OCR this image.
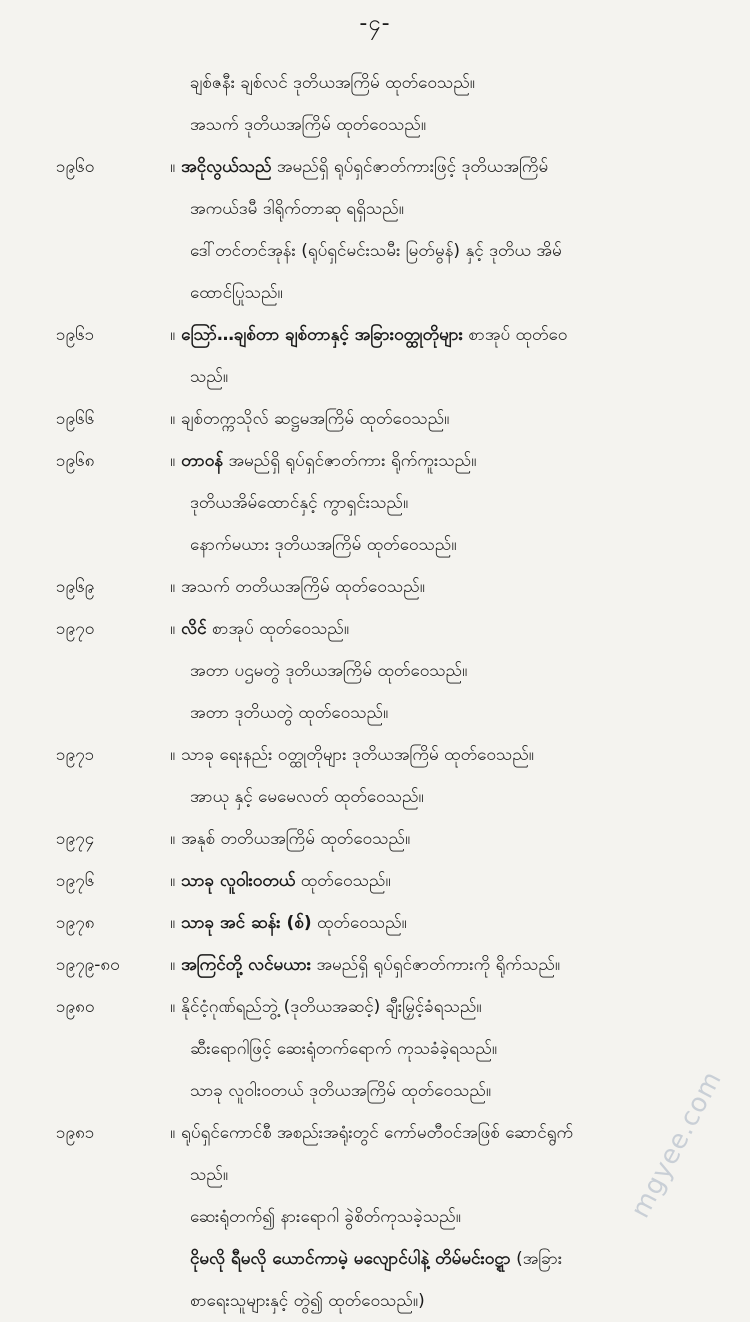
-၄-
ချစ်ဇနီး ချစ်လင် ဒုတိယအကြိမ် ထုတ်ဝေသည်။
အသက် ဒုတိယအကြိမ် ထုတ်ဝေသည်။
၁၉၆၀	။ အငိုလွယ်သည် အမည်ရှိ ရုပ်ရှင်ဇာတ်ကားဖြင့် ဒုတိယအကြိမ်
အကယ်ဒမီ ဒါရိုက်တာဆု ရရှိသည်။
ဒေါ်တင်တင်အုန်း (ရုပ်ရှင်မင်းသမီး မြတ်မွန်) နှင့် ဒုတိယ အိမ်
ထောင်ပြုသည်။
၁၉၆၁	။ သြော်…ချစ်တာ ချစ်တာနှင့် အခြားဝတ္ထုတိုများ စာအုပ် ထုတ်ဝေ
သည်။
၁၉၆၆	။ ချစ်တက္ကသိုလ် ဆဋ္ဌမအကြိမ် ထုတ်ဝေသည်။
၁၉၆၈	။ တာဝန် အမည်ရှိ ရုပ်ရှင်ဇာတ်ကား ရိုက်ကူးသည်။
ဒုတိယအိမ်ထောင်နှင့် ကွာရှင်းသည်။
နောက်မယား ဒုတိယအကြိမ် ထုတ်ဝေသည်။
၁၉၆၉	။ အသက် တတိယအကြိမ် ထုတ်ဝေသည်။
၁၉၇၀	။ လိင် စာအုပ် ထုတ်ဝေသည်။
အတာ ပဌမတွဲ ဒုတိယအကြိမ် ထုတ်ဝေသည်။
အတာ ဒုတိယတွဲ ထုတ်ဝေသည်။
၁၉၇၁	။ သာခု ရေးနည်း ဝတ္ထုတိုများ ဒုတိယအကြိမ် ထုတ်ဝေသည်။
အာယု နှင့် မေမေလတ် ထုတ်ဝေသည်။
၁၉၇၄	။ အနုစ် တတိယအကြိမ် ထုတ်ဝေသည်။
၁၉၇၆	။ သာခု လူဝါးဝတယ် ထုတ်ဝေသည်။
၁၉၇၈	။ သာခု အင် ဆန်း (စ်) ထုတ်ဝေသည်။
၁၉၇၉-၈၀	။ အကြင်တို့ လင်မယား အမည်ရှိ ရုပ်ရှင်ဇာတ်ကားကို ရိုက်သည်။
၁၉၈၀	။ နိုင်ငံ့ဂုဏ်ရည်ဘွဲ့ (ဒုတိယအဆင့်) ချီးမြှင့်ခံရသည်။
ဆီးရောဂါဖြင့် ဆေးရုံတက်ရောက် ကုသခံခဲ့ရသည်။
သာခု လူဝါးဝတယ် ဒုတိယအကြိမ် ထုတ်ဝေသည်။
၁၉၈၁	။ ရုပ်ရှင်ကောင်စီ အစည်းအရုံးတွင် ကော်မတီဝင်အဖြစ် ဆောင်ရွက်
သည်။
ဆေးရုံတက်၍ နားရောဂါ ခွဲစိတ်ကုသခဲ့သည်။
ငိုမလို ရီမလို ယောင်ကာမဲ့ မလျောင်ပါနဲ့ တိမ်မင်းဝဋ္ဋာ (အခြား
စာရေးသူများနှင့် တွဲ၍ ထုတ်ဝေသည်။)
mgyee.com
